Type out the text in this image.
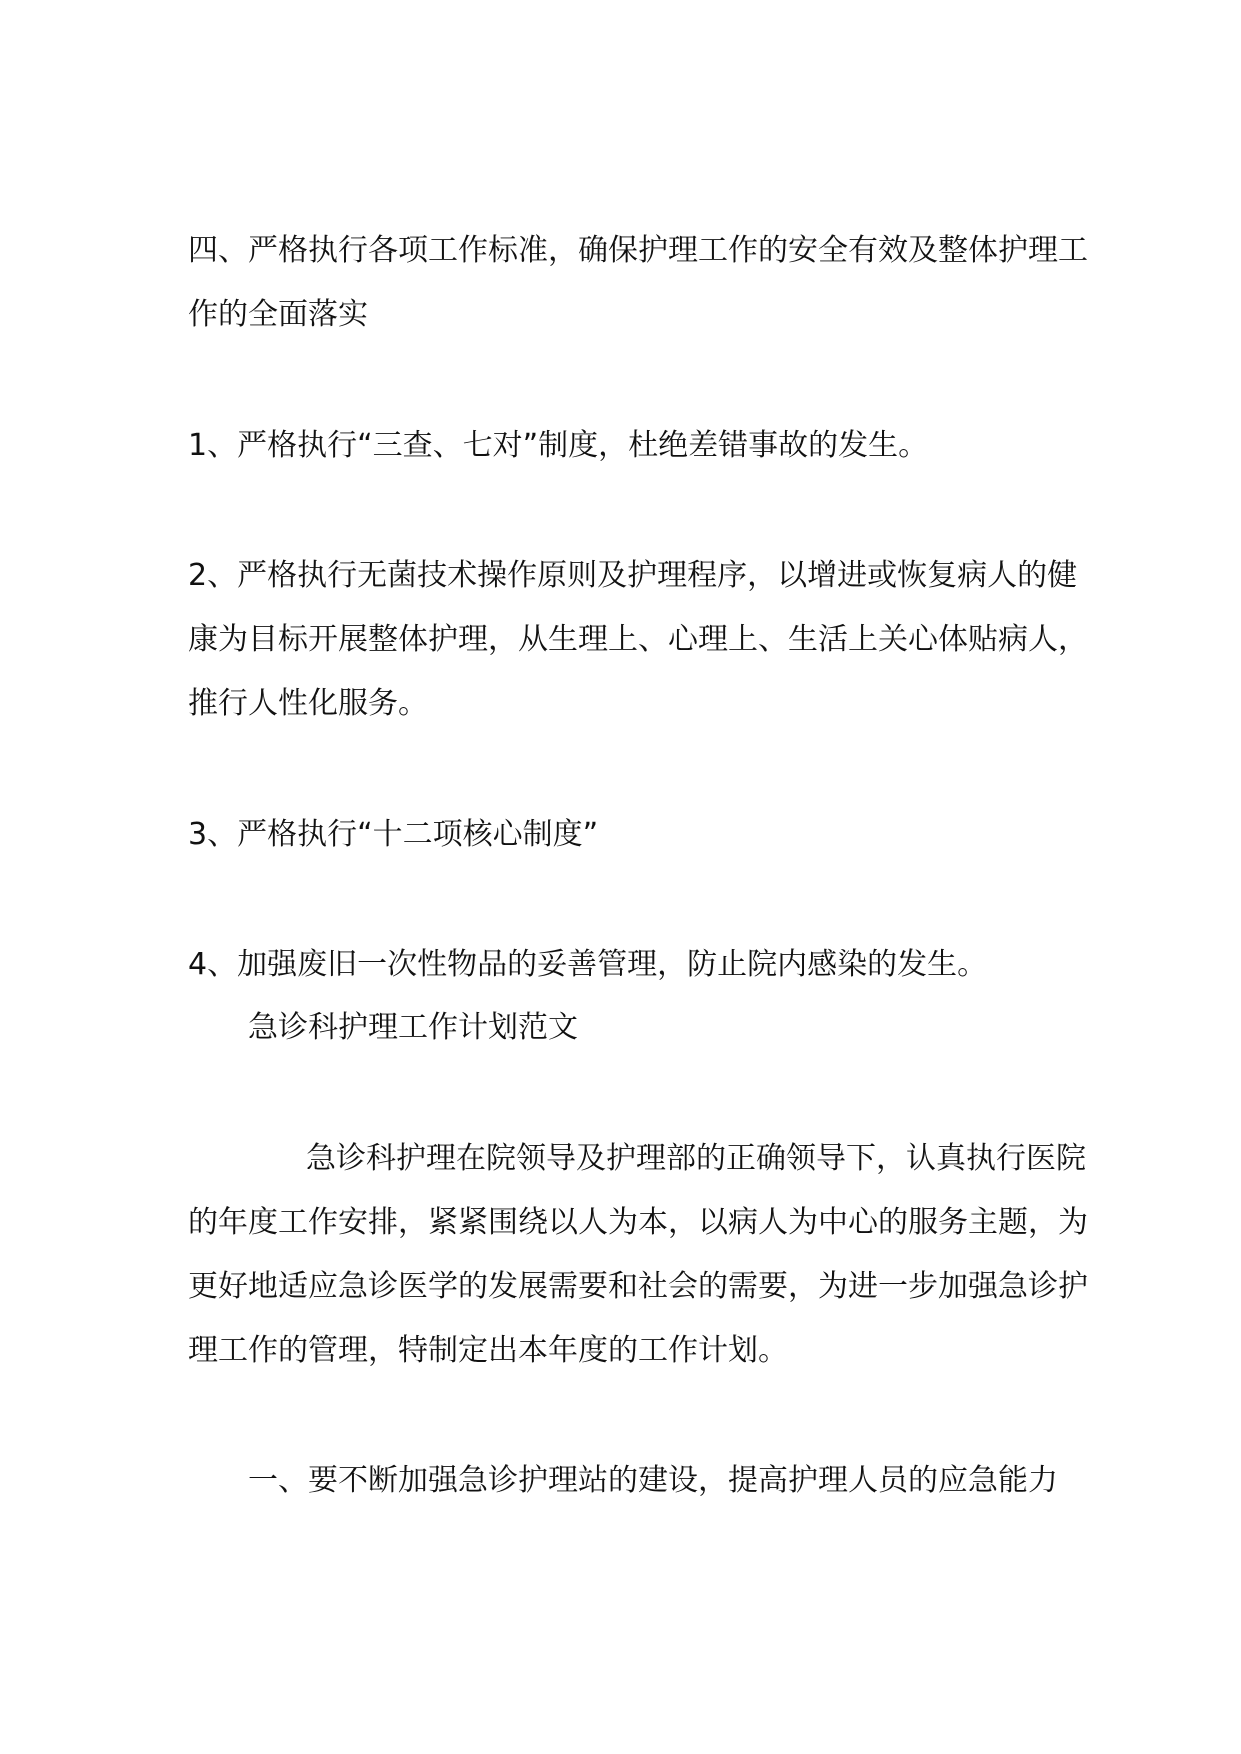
四、严格执行各项工作标准，确保护理工作的安全有效及整体护理工

作的全面落实

1、严格执行“三查、七对”制度，杜绝差错事故的发生。

2、严格执行无菌技术操作原则及护理程序，以增进或恢复病人的健

康为目标开展整体护理，从生理上、心理上、生活上关心体贴病人，

推行人性化服务。

3、严格执行“十二项核心制度”

4、加强废旧一次性物品的妥善管理，防止院内感染的发生。

急诊科护理工作计划范文

急诊科护理在院领导及护理部的正确领导下，认真执行医院

的年度工作安排，紧紧围绕以人为本，以病人为中心的服务主题，为

更好地适应急诊医学的发展需要和社会的需要，为进一步加强急诊护

理工作的管理，特制定出本年度的工作计划。

一、要不断加强急诊护理站的建设，提高护理人员的应急能力
